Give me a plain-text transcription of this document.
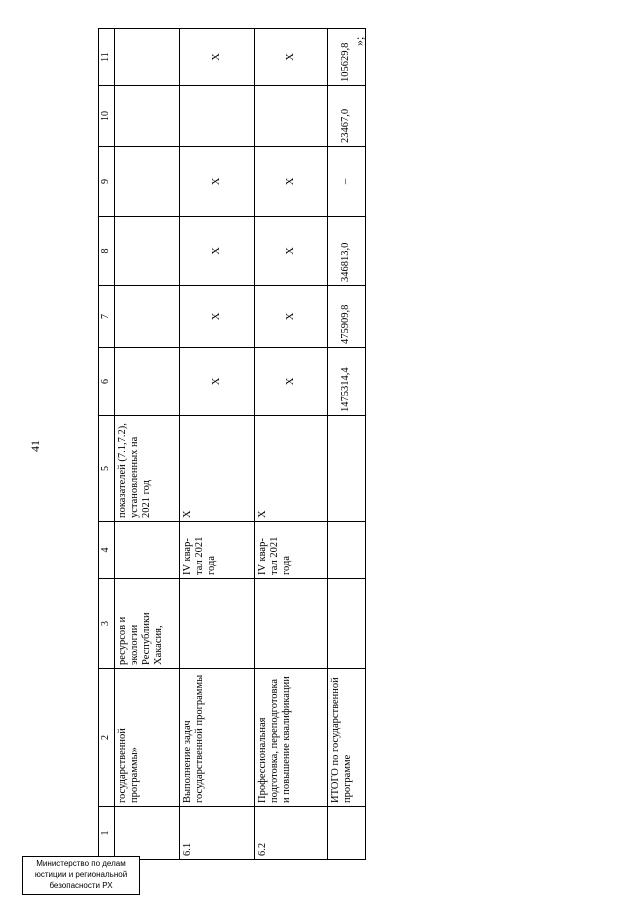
41
»;
1	2	3	4	5	6	7	8	9	10	11
	государственной программы»	ресурсов и экологии Республики Хакасия,		показателей (7.1,7.2), установленных на 2021 год						
6.1	Выполнение задач государственной программы		IV квар-тал 2021 года	Х	Х	Х	Х	Х		Х
6.2	Профессиональная подготовка, переподготовка и повышение квалификации		IV квар-тал 2021 года	Х	Х	Х	Х	Х		Х
	ИТОГО по государственной программе				1475314,4	475909,8	346813,0	–	23467,0	105629,8
Министерство по делам
юстиции и региональной
безопасности РХ
